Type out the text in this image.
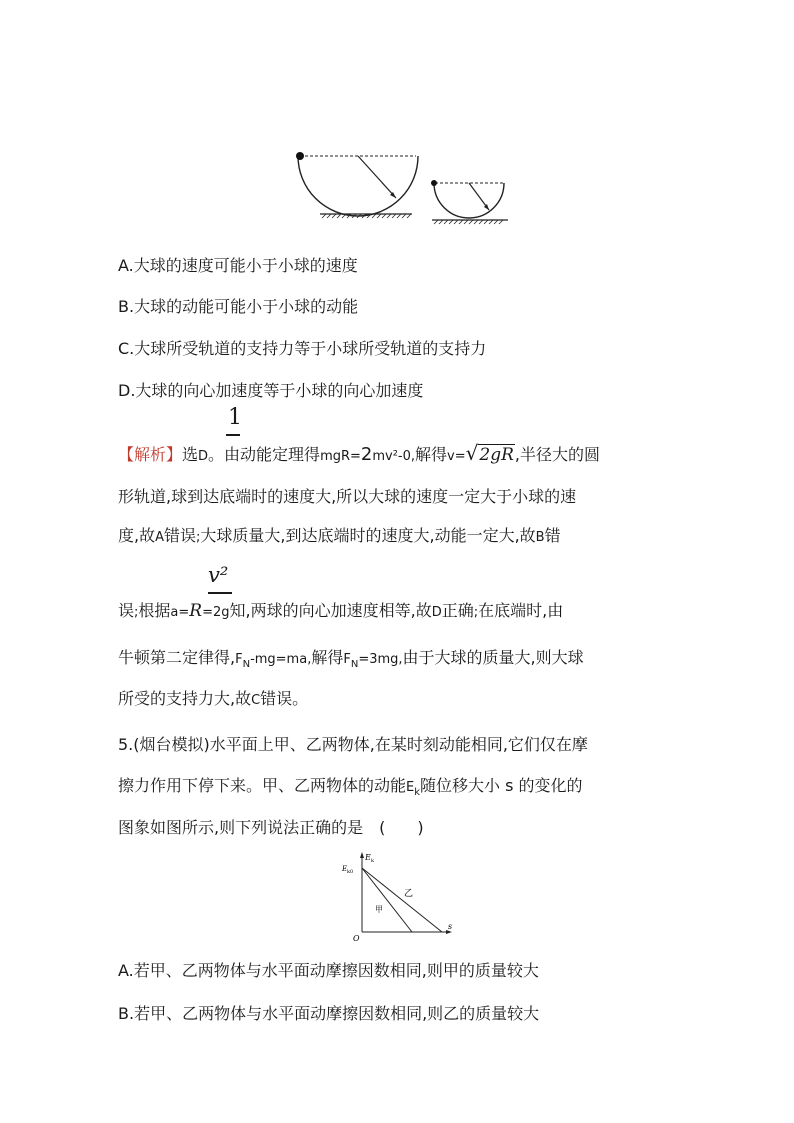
A.大球的速度可能小于小球的速度
B.大球的动能可能小于小球的动能
C.大球所受轨道的支持力等于小球所受轨道的支持力
D.大球的向心加速度等于小球的向心加速度
1
【解析】选D。由动能定理得mgR=2mv²-0,解得v=√2gR,半径大的圆
形轨道,球到达底端时的速度大,所以大球的速度一定大于小球的速
度,故A错误;大球质量大,到达底端时的速度大,动能一定大,故B错
v²
误;根据a=R=2g知,两球的向心加速度相等,故D正确;在底端时,由
牛顿第二定律得$,F_N-mg=ma$,解得$F_N=3mg$,由于大球的质量大,则大球
所受的支持力大,故C错误。
5.(烟台模拟)水平面上甲、乙两物体,在某时刻动能相同,它们仅在摩
擦力作用下停下来。甲、乙两物体的动能$E_k$随位移大小 s 的变化的
图象如图所示,则下列说法正确的是　(　　)
E k
E k0
O
s
甲
乙
A.若甲、乙两物体与水平面动摩擦因数相同,则甲的质量较大
B.若甲、乙两物体与水平面动摩擦因数相同,则乙的质量较大
